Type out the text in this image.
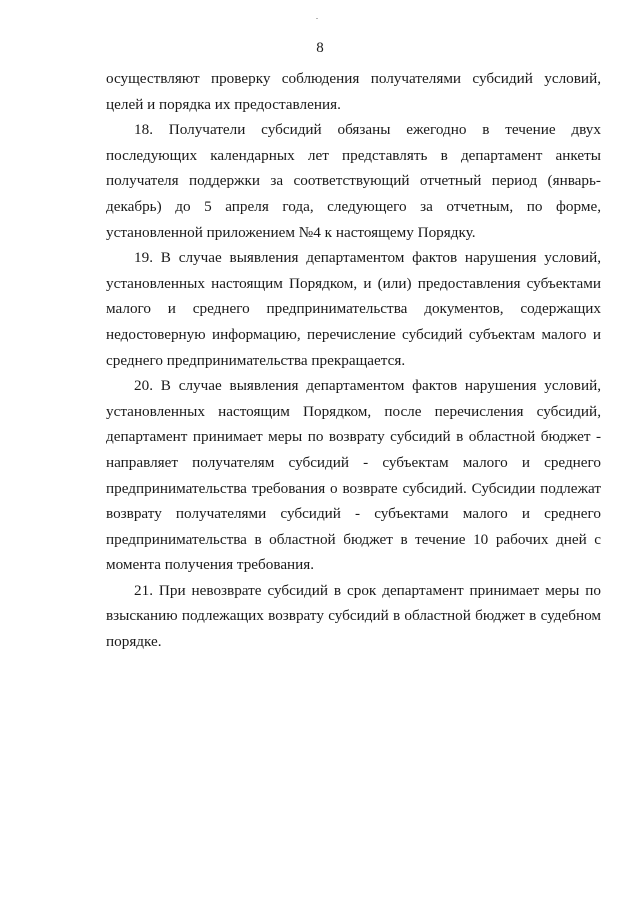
8

осуществляют проверку соблюдения получателями субсидий условий, целей и порядка их предоставления.

18. Получатели субсидий обязаны ежегодно в течение двух последующих календарных лет представлять в департамент анкеты получателя поддержки за соответствующий отчетный период (январь-декабрь) до 5 апреля года, следующего за отчетным, по форме, установленной приложением №4 к настоящему Порядку.

19. В случае выявления департаментом фактов нарушения условий, установленных настоящим Порядком, и (или) предоставления субъектами малого и среднего предпринимательства документов, содержащих недостоверную информацию, перечисление субсидий субъектам малого и среднего предпринимательства прекращается.

20. В случае выявления департаментом фактов нарушения условий, установленных настоящим Порядком, после перечисления субсидий, департамент принимает меры по возврату субсидий в областной бюджет - направляет получателям субсидий - субъектам малого и среднего предпринимательства требования о возврате субсидий. Субсидии подлежат возврату получателями субсидий - субъектами малого и среднего предпринимательства в областной бюджет в течение 10 рабочих дней с момента получения требования.

21. При невозврате субсидий в срок департамент принимает меры по взысканию подлежащих возврату субсидий в областной бюджет в судебном порядке.
